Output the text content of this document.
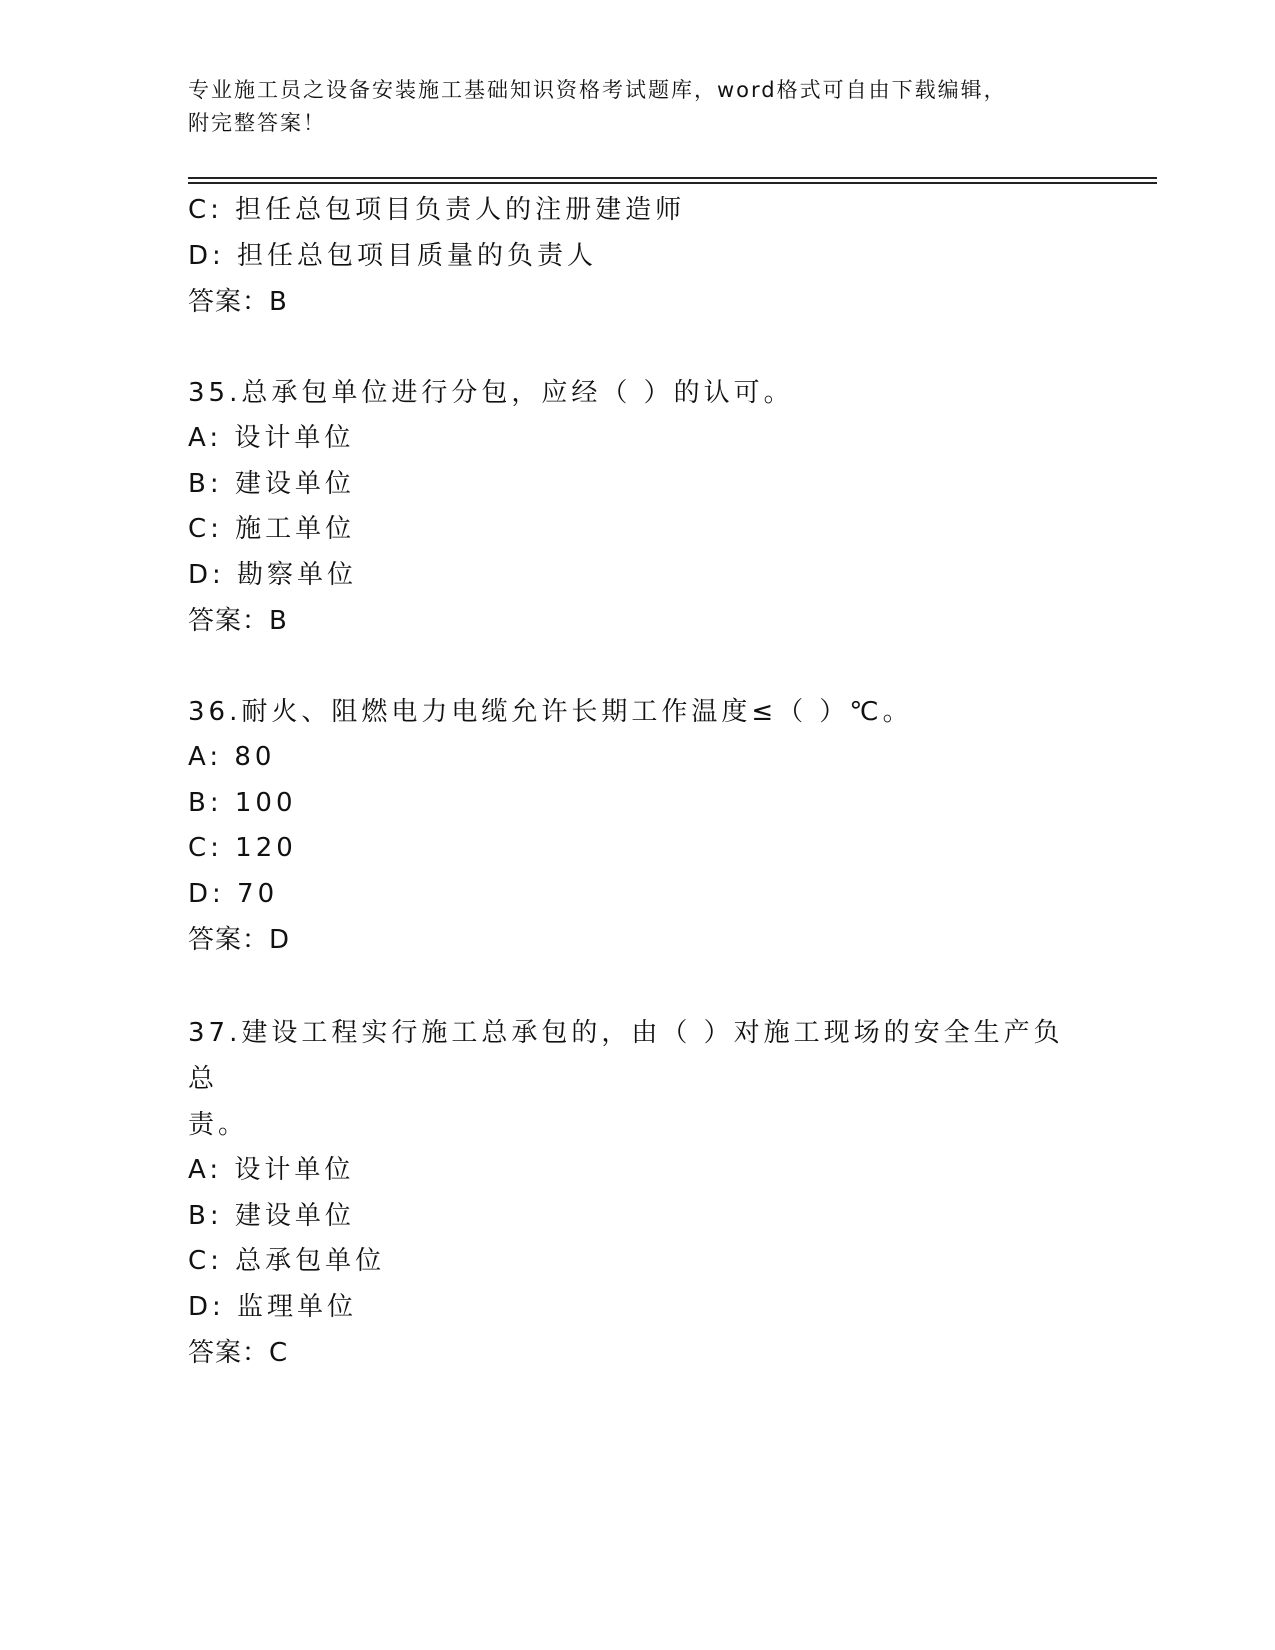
专业施工员之设备安装施工基础知识资格考试题库，word格式可自由下载编辑，
附完整答案！
C: 担任总包项目负责人的注册建造师
D: 担任总包项目质量的负责人
答案：B
35.总承包单位进行分包，应经（ ）的认可。
A: 设计单位
B: 建设单位
C: 施工单位
D: 勘察单位
答案：B
36.耐火、阻燃电力电缆允许长期工作温度≤（ ）℃。
A: 80
B: 100
C: 120
D: 70
答案：D
37.建设工程实行施工总承包的，由（ ）对施工现场的安全生产负总
责。
A: 设计单位
B: 建设单位
C: 总承包单位
D: 监理单位
答案：C
